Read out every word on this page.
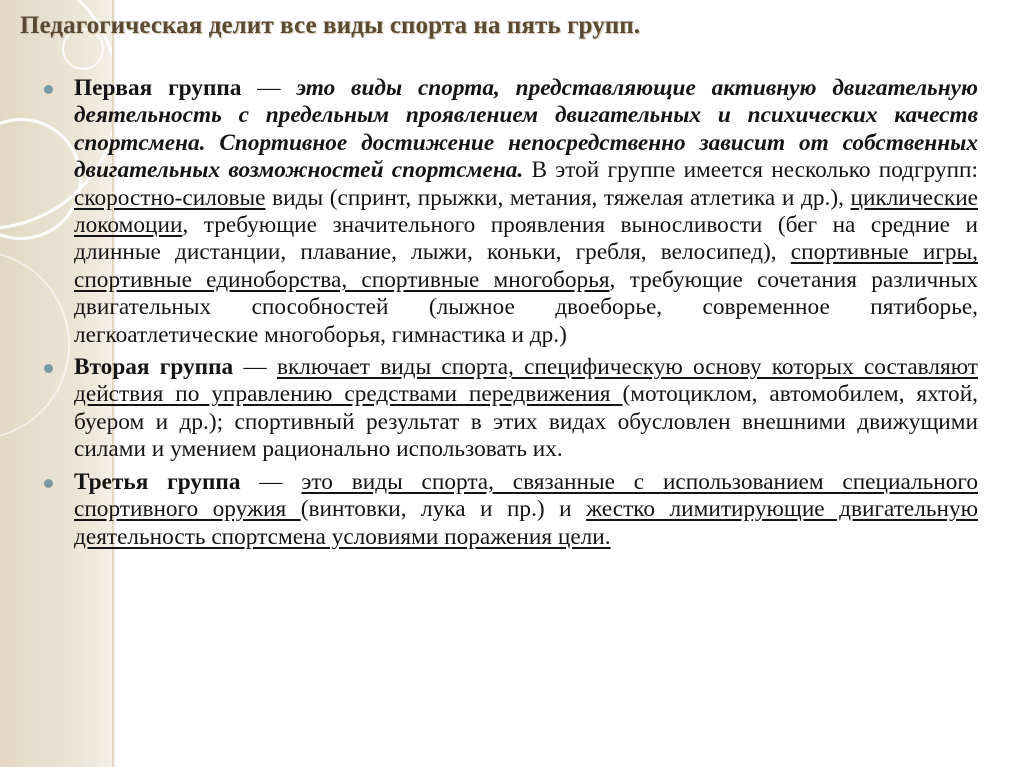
Педагогическая делит все виды спорта на пять групп.

Первая группа — это виды спорта, представляющие активную двигательную деятельность с предельным проявлением двигательных и психических качеств спортсмена. Спортивное достижение непосредственно зависит от собственных двигательных возможностей спортсмена. В этой группе имеется несколько подгрупп: скоростно-силовые виды (спринт, прыжки, метания, тяжелая атлетика и др.), циклические локомоции, требующие значительного проявления выносливости (бег на средние и длинные дистанции, плавание, лыжи, коньки, гребля, велосипед), спортивные игры, спортивные единоборства, спортивные многоборья, требующие сочетания различных двигательных способностей (лыжное двоеборье, современное пятиборье, легкоатлетические многоборья, гимнастика и др.)

Вторая группа — включает виды спорта, специфическую основу которых составляют действия по управлению средствами передвижения (мотоциклом, автомобилем, яхтой, буером и др.); спортивный результат в этих видах обусловлен внешними движущими силами и умением рационально использовать их.

Третья группа — это виды спорта, связанные с использованием специального спортивного оружия (винтовки, лука и пр.) и жестко лимитирующие двигательную деятельность спортсмена условиями поражения цели.
